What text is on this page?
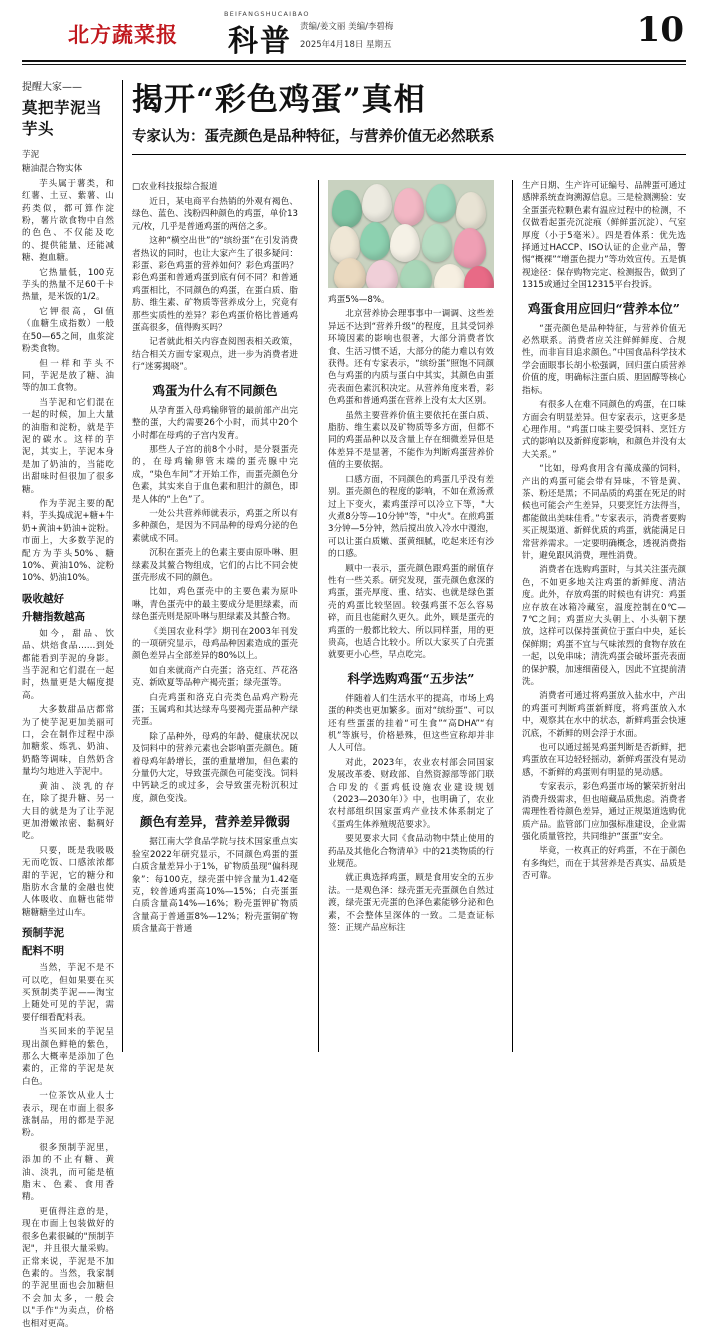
BEIFANGSHUCAIBAO
北方蔬菜报	科普 责编/姜文丽 美编/李碧梅
2025年4月18日 星期五	10
提醒大家——
莫把芋泥当芋头

芋泥

糖油混合物实体

芋头属于薯类，和红薯、土豆、紫薯、山药类似，都可算作淀粉，薯片欲食物中自然的色色、不仅能及吃的、提供能量、还能减糖、抱血糖。

它热量低，100克芋头的热量不足60千卡热量，是米饭的1/2。

它钾很高，GI值（血糖生成指数）一般在50—65之间，血浆淀粉类食物。

但一样和芋头不同，芋泥是放了糖、油等的加工食物。

当芋泥和它们混在一起的时候，加上大量的油脂和淀粉，就是芋泥的碳水。这样的芋泥，其实上，芋泥本身是加了奶油的，当能吃出甜味时但很加了很多糖。

作为芋泥主要的配料，芋头捣成泥+糖+牛奶+黄油+奶油+淀粉。市面上，大多数芋泥的配方为芋头50%、糖10%、黄油10%、淀粉10%、奶油10%。

吸收越好
升糖指数越高

如今，甜品、饮品、烘焙食品……到处都能看到芋泥的身影。当芋泥和它们混在一起时，热量更是大幅度提高。

大多数甜品店都常为了使芋泥更加美丽可口，会在制作过程中添加糖浆、炼乳、奶油、奶酪等调味，自然奶含量均匀地进入芋泥中。

黄油、淡乳的存在，除了提升糖、另一大目的就是为了让芋泥更加滑嫩浓密、黏稠好吃。

只要，既是我吸吸无而吃饭、口感浓浓都甜的芋泥，它的糖分和脂肪水含量的金融也使人体吸收、血糖也能带糖糖糖坐过山车。

预制芋泥
配料不明

当然，芋泥不是不可以吃，但如果要在买买预制类芋泥——淘宝上随处可见的芋泥，需要仔细看配料表。

当买回来的芋泥呈现出颜色鲜艳的紫色，那么大概率是添加了色素的，正常的芋泥是灰白色。

一位茶饮从业人士表示，现在市面上很多涨制品，用的都是芋泥粉。

很多预制芋泥里，添加的不止有糖、黄油、淡乳，而可能是植脂末、色素、食用香精。

更值得注意的是，现在市面上包装做好的很多色素很碱的"预制芋泥"，并且很大量采购。正常来说，芋泥是不加色素的。当然，我家制的芋泥里面也会加糖但不会加太多，一般会以"手作"为卖点，价格也相对更高。

揭开“彩色鸡蛋”真相
专家认为：蛋壳颜色是品种特征，与营养价值无必然联系
□农业科技报综合报道

近日，某电商平台热销的外观有褐色、绿色、蓝色、浅粉四种颜色的鸡蛋，单价13元/枚，几乎是普通鸡蛋的两倍之多。

这种“横空出世”的“缤纷蛋”在引发消费者热议的同时，也让大家产生了很多疑问：彩蛋、彩色鸡蛋的营养如何？彩色鸡蛋吗？彩色鸡蛋和普通鸡蛋到底有何不同？和普通鸡蛋相比，不同颜色的鸡蛋，在蛋白质、脂肪、维生素、矿物质等营养成分上，究竟有那些实质性的差异？彩色鸡蛋价格比普通鸡蛋高很多，值得购买吗？

记者就此相关内容查阅图表相关政策，结合相关方面专家观点，进一步为消费者进行“迷雾揭晓”。

鸡蛋为什么有不同颜色

从孕育蛋入母鸡输卵管的最前部产出完整的蛋，大约需要26个小时，而其中20个小时都在母鸡的子宫内发育。

那些人子宫的前8个小时，是分裂蛋壳的，在母鸡输卵管末端的蛋壳腺中完成，“染色车间”才开始工作，而蛋壳颜色分色素，其实来自于血色素和胆汁的颜色，即是人体的“上色”了。

一处公共营养师就表示，鸡蛋之所以有多种颜色，是因为不同品种的母鸡分泌的色素就成不同。

沉积在蛋壳上的色素主要由原卟啉、胆绿素及其鳌合物组成，它们的占比不同会使蛋壳形成不同的颜色。

比如，鸡色蛋壳中的主要色素为原卟啉，青色蛋壳中的最主要成分是胆绿素，而绿色蛋壳则是原卟啉与胆绿素及其螯合物。

《美国农业科学》期刊在2003年刊发的一项研究显示，母鸡品种因素造成的蛋壳颜色差异占全部差异的80%以上。

如自来就商产白壳蛋；洛克红、芦花洛克、新欧夏等品种产褐壳蛋；绿壳蛋等。

白壳鸡蛋和洛克白壳类色品鸡产粉壳蛋；玉属鸡和其达绿寿鸟要褐壳蛋品种产绿壳蛋。

除了品种外，母鸡的年龄、健康状况以及饲料中的营养元素也会影响蛋壳颜色。随着母鸡年龄增长，蛋的重量增加，但色素的分量仍大定，导致蛋壳颜色可能变浅。饲料中钙缺乏的或过多，会导致蛋壳粉沉积过度，颜色变浅。

颜色有差异，营养差异微弱

据江南大学食品学院与技术国家重点实验室2022年研究显示，不同颜色鸡蛋的蛋白质含量差异小于1%，矿物质虽现“偏科现象”：每100克，绿壳蛋中锌含量为1.42毫克，较普通鸡蛋高10%—15%；白壳蛋蛋白质含量高14%—16%；粉壳蛋钾矿物质含量高于普通蛋8%—12%；粉壳蛋铜矿物质含量高于普通

鸡蛋5%—8%。

北京营养协会理事事中一调调、这些差异远不达到“营养升级”的程度，且其受饲养环境因素的影响也很著，大部分消费者饮食、生活习惯不适，大部分的能力难以有效获得。还有专家表示，“缤纷蛋”照饱不同颜色与鸡蛋的内质与蛋白中其实，其颜色由蛋壳表面色素沉积决定。从营养角度来看，彩色鸡蛋和普通鸡蛋在营养上没有太大区别。

虽然主要营养价值主要依托在蛋白质、脂肪、维生素以及矿物质等多方面，但都不同的鸡蛋品种以及含量上存在细微差异但是体差异不是显著，不能作为判断鸡蛋营养价值的主要依据。

口感方面，不同颜色的鸡蛋几乎没有差别。蛋壳颜色的程度的影响，不如在煮汤煮过上下变火，素鸡蛋浮可以冷立下等，"大火煮8分等—10分钟"等，"中火"。在煎鸡蛋3分钟—5分钟，然后搅出放入冷水中漫泡，可以让蛋白质嫩、蛋黄细腻，吃起来还有沙的口感。

顾中一表示，蛋壳颜色跟鸡蛋的耐值存性有一些关系。研究发现，蛋壳颜色愈深的鸡蛋，蛋壳厚度、重、结实、也就是绿色蛋壳的鸡蛋比较坚固。较强鸡蛋不怎么容易碎，而且也能耐久更久。此外，顾是蛋壳的鸡蛋的一般都比较大、所以同样蛋，用的更贵高，也适合比较小。所以大家买了白壳蛋就要更小心些，早点吃完。

科学选购鸡蛋“五步法”

伴随着人们生活水平的提高，市场上鸡蛋的种类也更加繁多。面对“缤纷蛋”、可以还有些蛋蛋的挂着“可生食”“高DHA”“有机”等旗号，价格悬殊，但这些宣称却并非人人可信。

对此，2023年，农业农村部会同国家发展改革委、财政部、自然资源部等部门联合印发的《蛋鸡低设施农业建设规划（2023—2030年）》中，也明确了，农业农村部组织国家蛋鸡产业技术体系制定了《蛋鸡生体养殖规范要求》。

要见要求大同《食品动物中禁止使用的药品及其他化合物清单》中的21类物质的行业规范。

就正典选择鸡蛋，顾是食用安全的五步法。一是观色泽：绿壳蛋无壳蛋颜色自然过渡，绿壳蛋无壳蛋的色泽色素能够分泌和色素，不会整体呈深体的一致。二是查证标签：正规产品应标注

生产日期、生产许可证编号、品牌蛋可通过感牌系统查询溯源信息。三是检测溯验：安全蛋蛋壳粒颗色素有温应过程中的检测，不仅做看起蛋壳沉淀痕（鲜鲜蛋沉淀）、气室厚度（小于5毫米）。四是看体系：优先选择通过HACCP、ISO认证的企业产品，警惕“概裸”“增蛋色提力”等功效宣传。五是慎视途径：保存购物完定、检测报告，做到了1315或通过全国12315平台投诉。

鸡蛋食用应回归“营养本位”

“蛋壳颜色是品种特征，与营养价值无必然联系。消费者应关注鲜鲜鲜度、合规性，而非盲目追求颜色。”中国食品科学技术学会面眼事长胡小松强调，回归蛋白质营养价值的度，明确标注蛋白质、胆固醇等核心指标。

有很多人在难不同颜色的鸡蛋，在口味方面会有明显差异。但专家表示，这更多是心理作用。“鸡蛋口味主要受饲料、烹饪方式的影响以及新鲜度影响，和颜色并没有太大关系。”

“比如，母鸡食用含有藻成藻的饲料，产出的鸡蛋可能会带有异味，不管是黄、茶、粉还是黑；不同品质的鸡蛋在死足的时候也可能会产生差异，只要烹饪方法得当，都能做出美味佳肴。”专家表示，消费者要购买正规渠道、新鲜优质的鸡蛋，就能满足日常营养需求。一定要明确概念，透视消费指针，避免跟风消费，理性消费。

消费者在选购鸡蛋时，与其关注蛋壳颜色，不如更多地关注鸡蛋的新鲜度、清洁度。此外，存放鸡蛋的时候也有讲究：鸡蛋应存放在冰箱冷藏室，温度控制在0℃—7℃之间；鸡蛋应大头朝上、小头朝下摆放，这样可以保持蛋黄位于蛋白中央，延长保鲜期；鸡蛋不宜与气味浓烈的食物存放在一起，以免串味；清洗鸡蛋会破坏蛋壳表面的保护膜，加速细菌侵入，因此不宜提前清洗。

消费者可通过将鸡蛋放入盐水中，产出的鸡蛋可判断鸡蛋新鲜度，将鸡蛋放入水中，观察其在水中的状态，新鲜鸡蛋会快速沉底，不新鲜的则会浮于水面。

也可以通过摇晃鸡蛋判断是否新鲜，把鸡蛋放在耳边轻轻摇动，新鲜鸡蛋没有晃动感，不新鲜的鸡蛋则有明显的晃动感。

专家表示，彩色鸡蛋市场的繁荣折射出消费升级需求，但也暗藏品质焦虑。消费者需理性看待颜色差异，通过正规渠道选购优质产品。监管部门应加强标准建设，企业需强化质量管控，共同维护“蛋蛋”安全。

毕竟，一枚真正的好鸡蛋，不在于颜色有多绚烂，而在于其营养是否真实、品质是否可靠。
